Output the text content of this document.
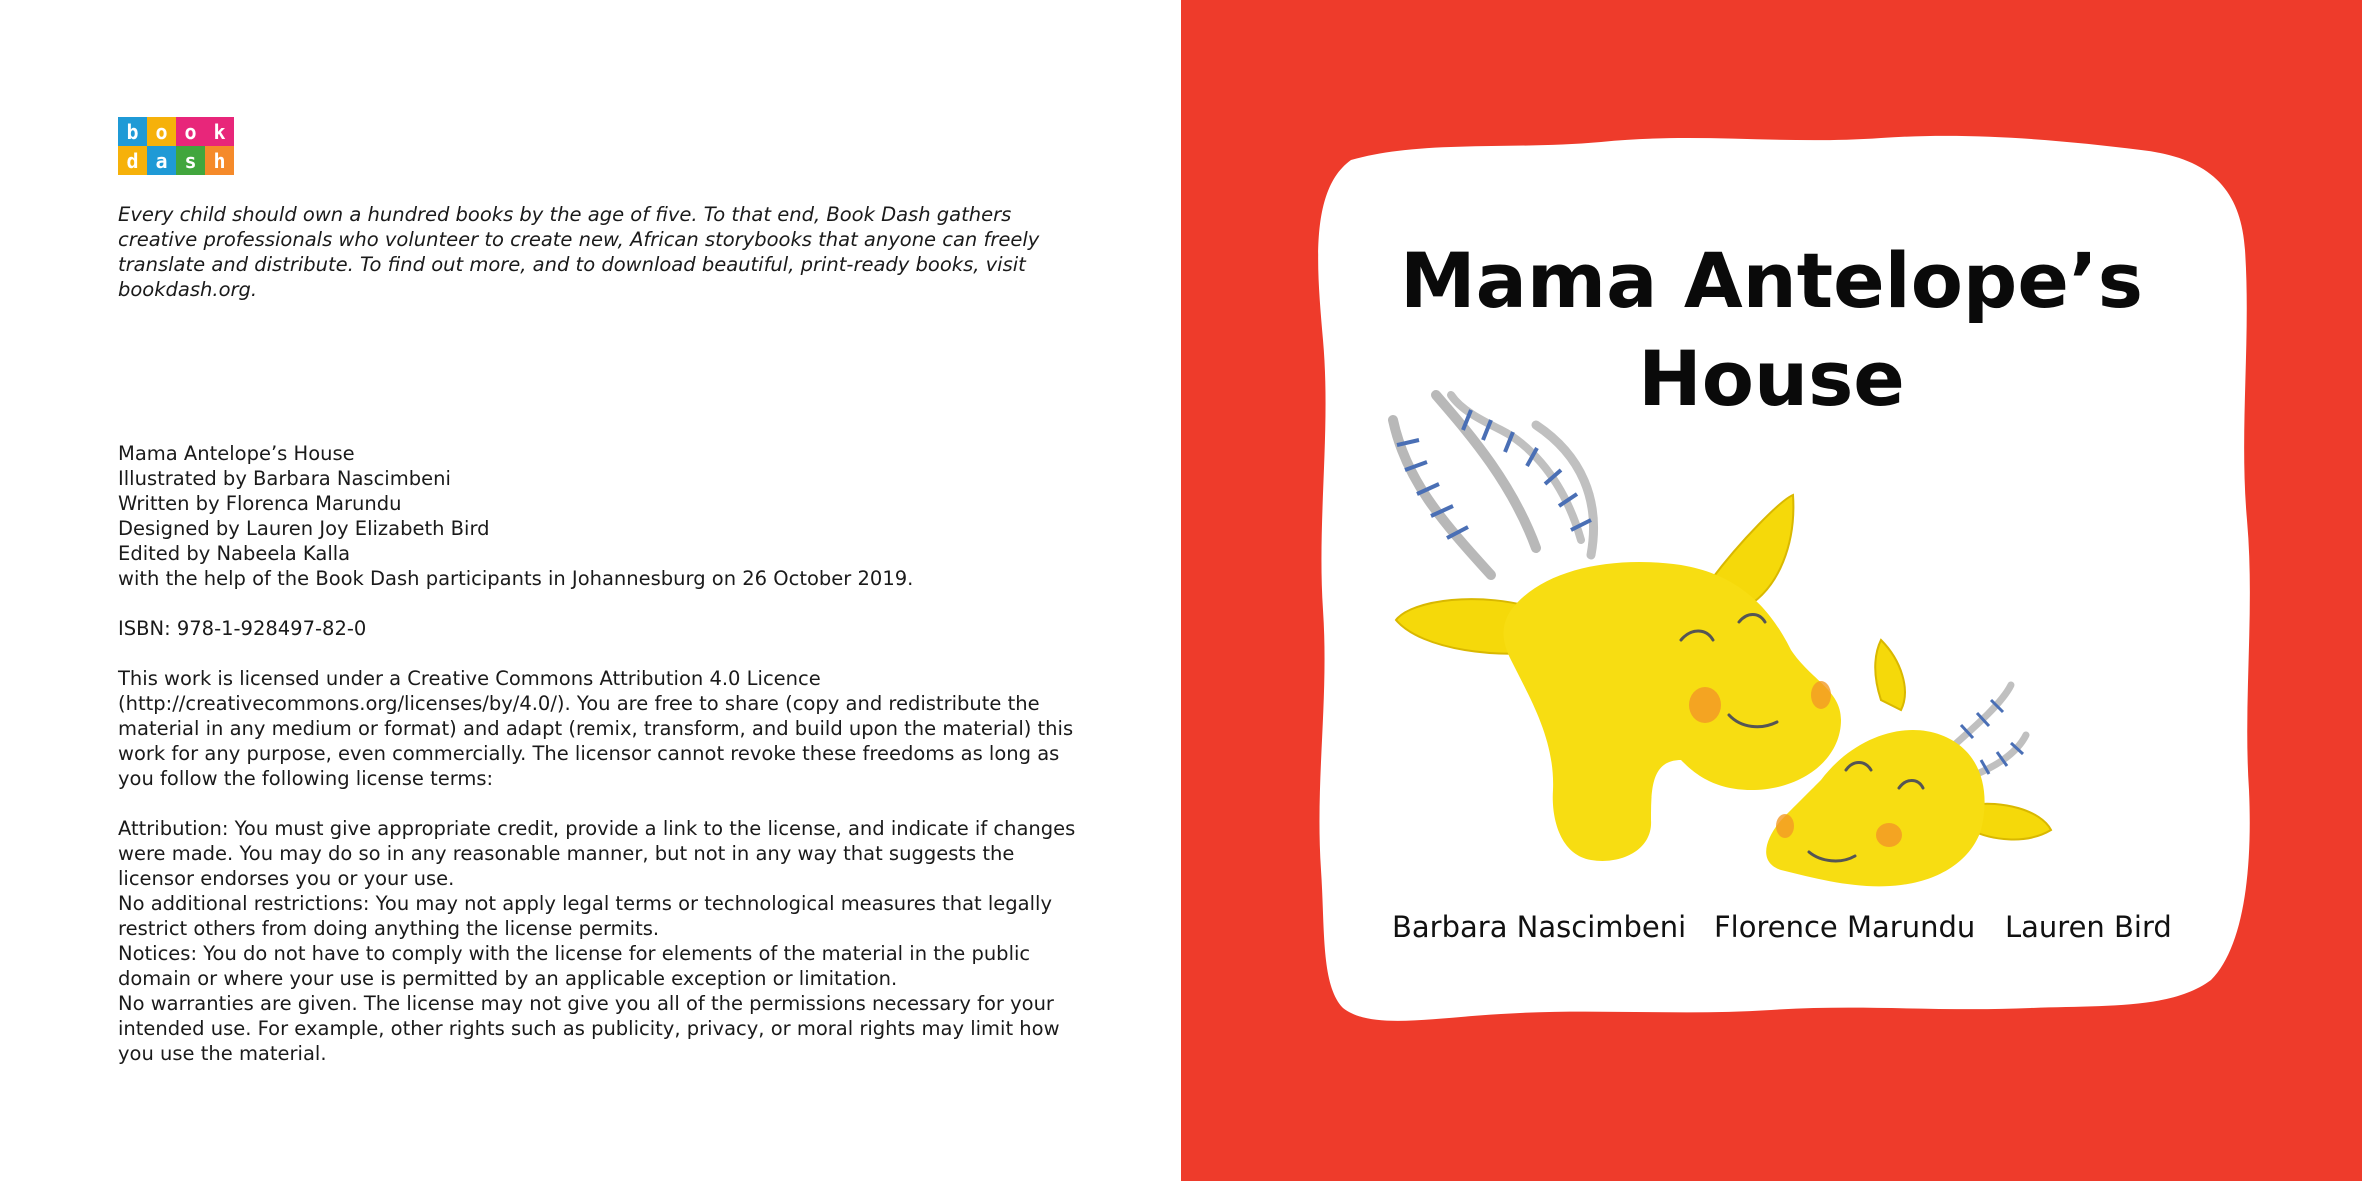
b o o k
d a s h
Every child should own a hundred books by the age of five. To that end, Book Dash gathers creative professionals who volunteer to create new, African storybooks that anyone can freely translate and distribute. To find out more, and to download beautiful, print-ready books, visit bookdash.org.

Mama Antelope’s House

Illustrated by Barbara Nascimbeni

Written by Florenca Marundu

Designed by Lauren Joy Elizabeth Bird

Edited by Nabeela Kalla

with the help of the Book Dash participants in Johannesburg on 26 October 2019.

ISBN: 978-1-928497-82-0

This work is licensed under a Creative Commons Attribution 4.0 Licence (http://creativecommons.org/licenses/by/4.0/). You are free to share (copy and redistribute the material in any medium or format) and adapt (remix, transform, and build upon the material) this work for any purpose, even commercially. The licensor cannot revoke these freedoms as long as you follow the following license terms:

Attribution: You must give appropriate credit, provide a link to the license, and indicate if changes were made. You may do so in any reasonable manner, but not in any way that suggests the licensor endorses you or your use.

No additional restrictions: You may not apply legal terms or technological measures that legally restrict others from doing anything the license permits.

Notices: You do not have to comply with the license for elements of the material in the public domain or where your use is permitted by an applicable exception or limitation.

No warranties are given. The license may not give you all of the permissions necessary for your intended use. For example, other rights such as publicity, privacy, or moral rights may limit how you use the material.

Mama Antelope’s
House
Barbara Nascimbeni Florence Marundu Lauren Bird
